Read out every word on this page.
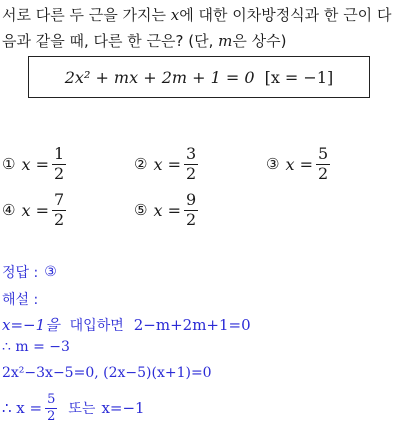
서로 다른 두 근을 가지는 x에 대한 이차방정식과 한 근이 다음과 같을 때, 다른 한 근은? (단, m은 상수)
2x² + mx + 2m + 1 = 0 [x = −1]
① $x = \frac{1}{2}$	② $x = \frac{3}{2}$	③ $x = \frac{5}{2}$
④ $x = \frac{7}{2}$	⑤ $x = \frac{9}{2}$
정답 : ③
해설 :
x=−1을 대입하면 2−m+2m+1=0
∴ m = −3
2x²−3x−5=0, (2x−5)(x+1)=0
∴ $x = \frac{5}{2}$ 또는 x=−1
